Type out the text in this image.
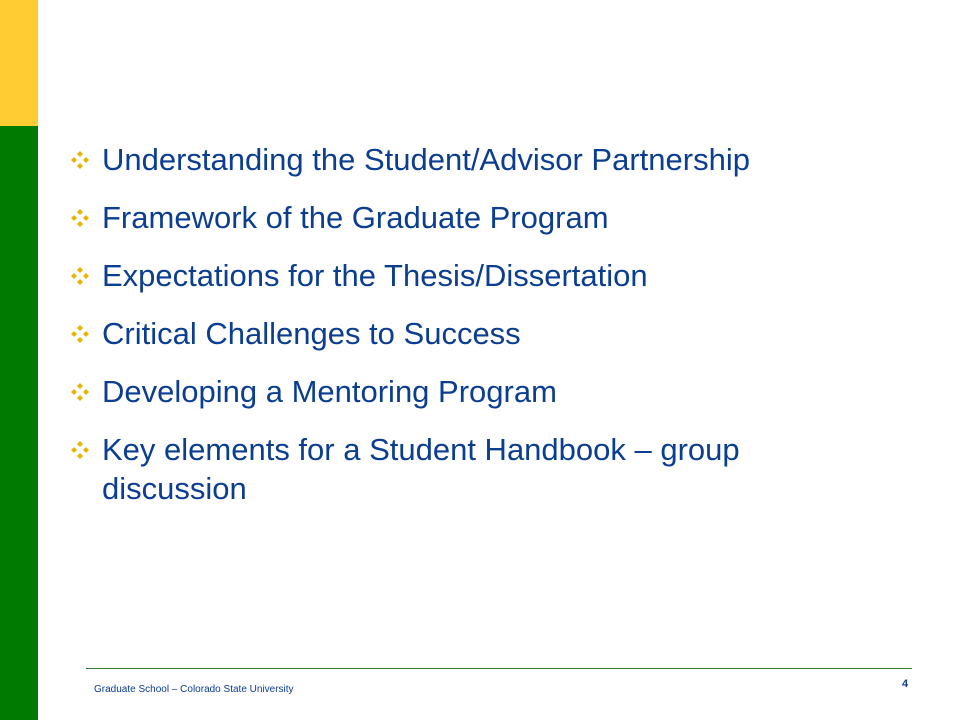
Understanding the Student/Advisor Partnership
Framework of the Graduate Program
Expectations for the Thesis/Dissertation
Critical Challenges to Success
Developing a Mentoring Program
Key elements for a Student Handbook – group discussion
Graduate School – Colorado State University	4
